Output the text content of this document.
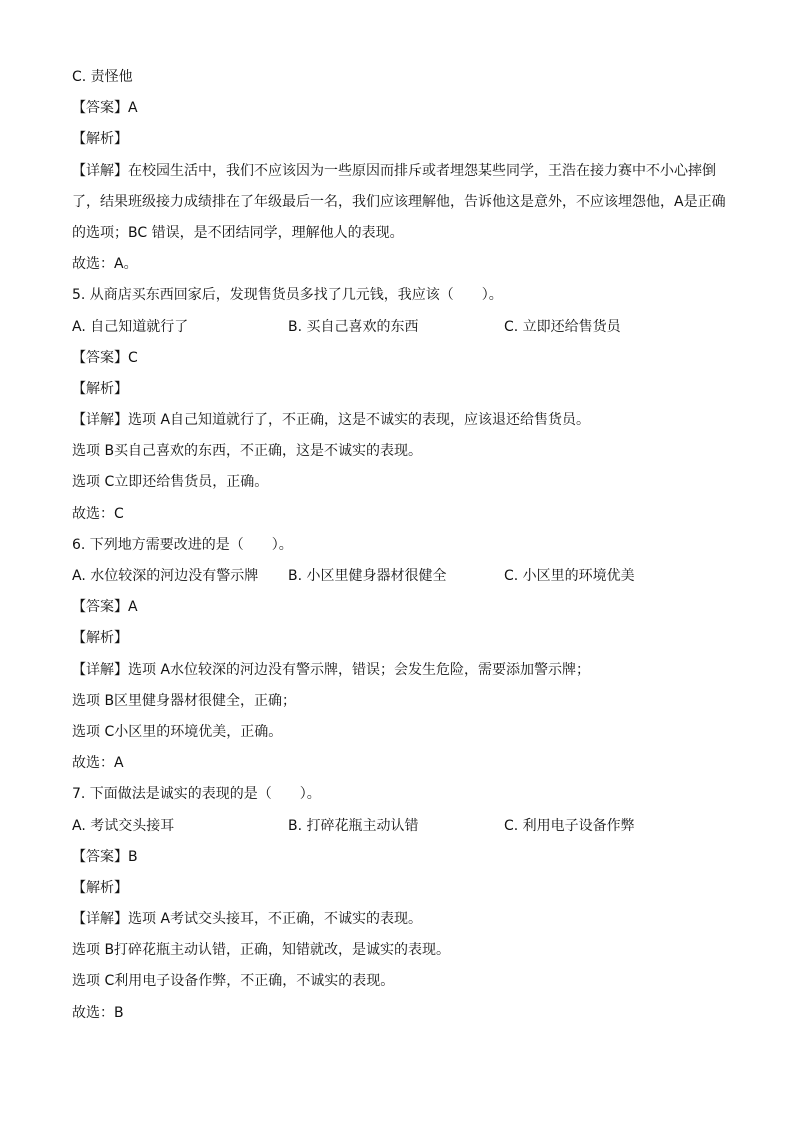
C. 责怪他
【答案】A
【解析】
【详解】在校园生活中，我们不应该因为一些原因而排斥或者埋怨某些同学，王浩在接力赛中不小心摔倒
了，结果班级接力成绩排在了年级最后一名，我们应该理解他，告诉他这是意外，不应该埋怨他，A是正确
的选项；BC 错误，是不团结同学，理解他人的表现。
故选：A。
5. 从商店买东西回家后，发现售货员多找了几元钱，我应该（　　）。
A. 自己知道就行了	B. 买自己喜欢的东西	C. 立即还给售货员
【答案】C
【解析】
【详解】选项 A自己知道就行了，不正确，这是不诚实的表现，应该退还给售货员。
选项 B买自己喜欢的东西，不正确，这是不诚实的表现。
选项 C立即还给售货员，正确。
故选：C
6. 下列地方需要改进的是（　　）。
A. 水位较深的河边没有警示牌 B. 小区里健身器材很健全	C. 小区里的环境优美
【答案】A
【解析】
【详解】选项 A水位较深的河边没有警示牌，错误；会发生危险，需要添加警示牌；
选项 B区里健身器材很健全，正确；
选项 C小区里的环境优美，正确。
故选：A
7. 下面做法是诚实的表现的是（　　）。
A. 考试交头接耳	B. 打碎花瓶主动认错	C. 利用电子设备作弊
【答案】B
【解析】
【详解】选项 A考试交头接耳，不正确，不诚实的表现。
选项 B打碎花瓶主动认错，正确，知错就改，是诚实的表现。
选项 C利用电子设备作弊，不正确，不诚实的表现。
故选：B
